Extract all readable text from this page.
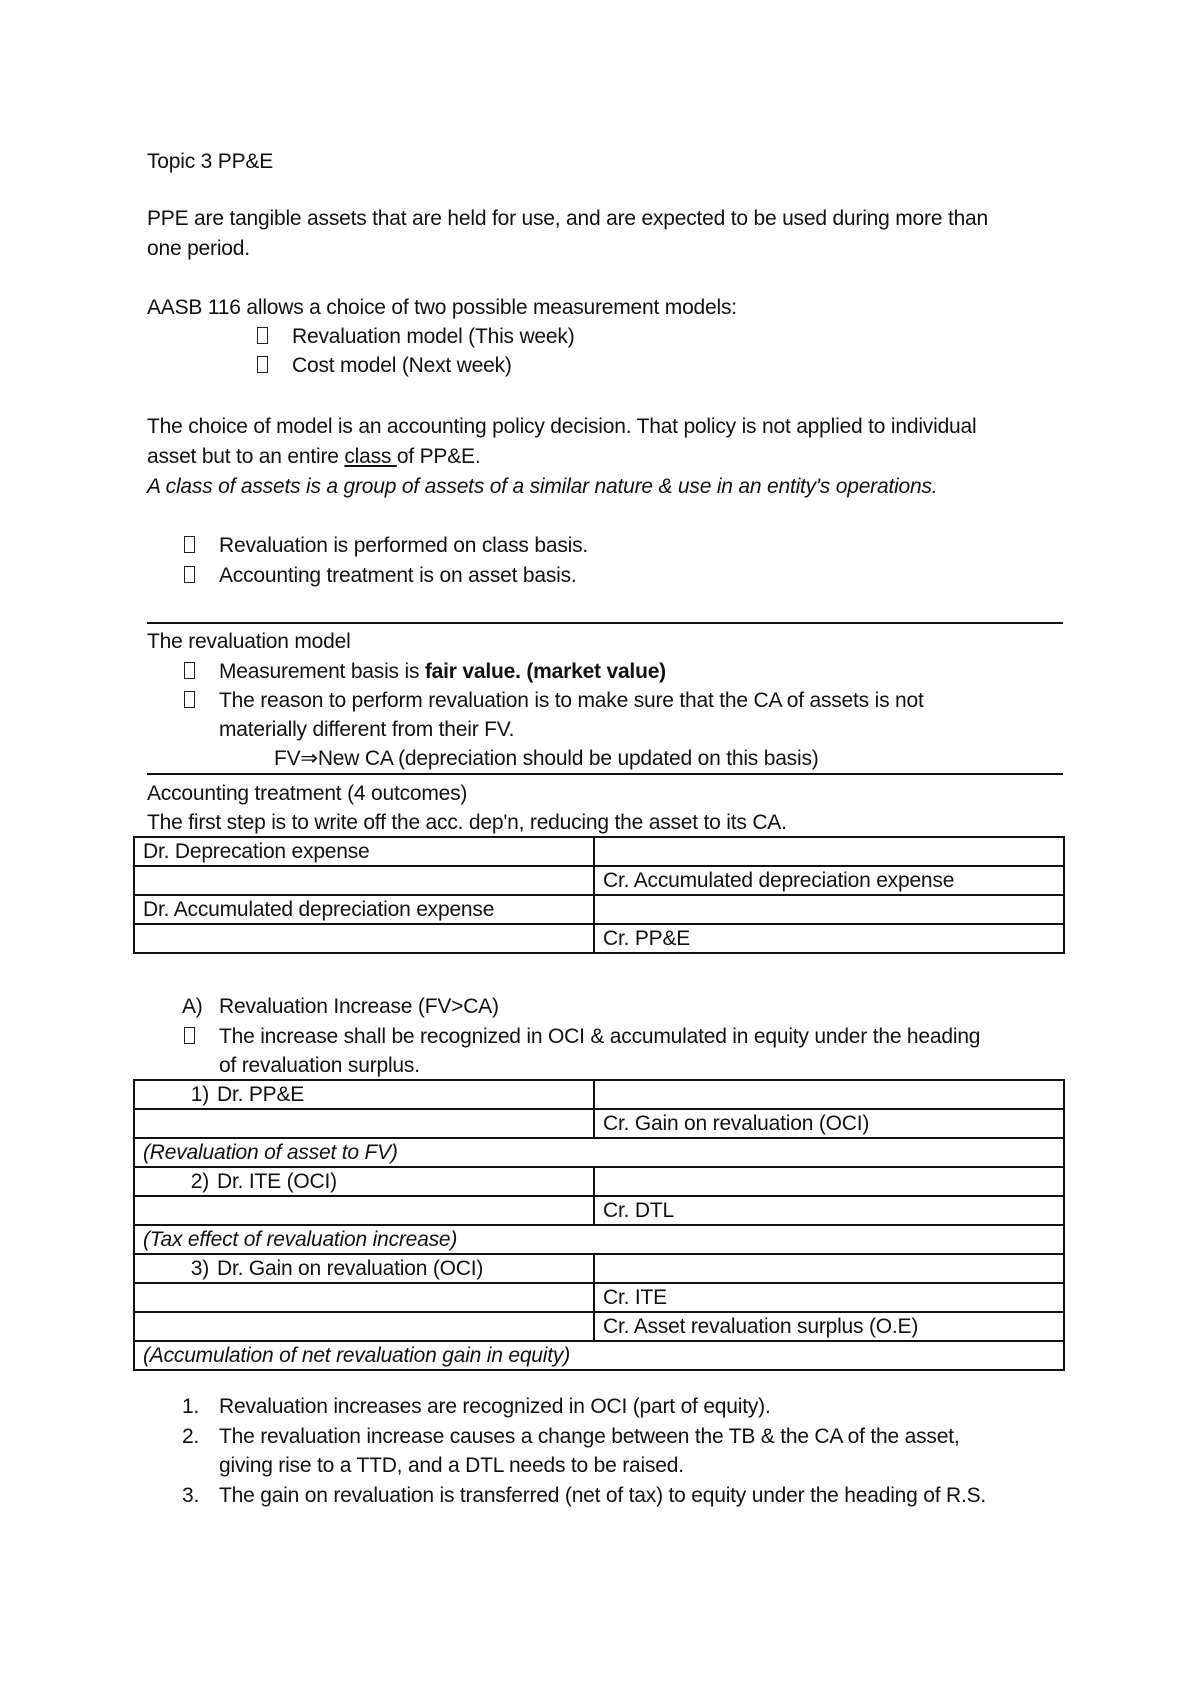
Topic 3 PP&E
PPE are tangible assets that are held for use, and are expected to be used during more than
one period.
AASB 116 allows a choice of two possible measurement models:
Revaluation model (This week)
Cost model (Next week)
The choice of model is an accounting policy decision. That policy is not applied to individual
asset but to an entire class of PP&E.
A class of assets is a group of assets of a similar nature & use in an entity's operations.
Revaluation is performed on class basis.
Accounting treatment is on asset basis.
The revaluation model
Measurement basis is fair value. (market value)
The reason to perform revaluation is to make sure that the CA of assets is not
materially different from their FV.
FV⇒New CA (depreciation should be updated on this basis)
Accounting treatment (4 outcomes)
The first step is to write off the acc. dep'n, reducing the asset to its CA.
Dr. Deprecation expense	
	Cr. Accumulated depreciation expense
Dr. Accumulated depreciation expense	
	Cr. PP&E
A) Revaluation Increase (FV>CA)
The increase shall be recognized in OCI & accumulated in equity under the heading
of revaluation surplus.
1) Dr. PP&E	
	Cr. Gain on revaluation (OCI)
(Revaluation of asset to FV)	
2) Dr. ITE (OCI)	
	Cr. DTL
(Tax effect of revaluation increase)	
3) Dr. Gain on revaluation (OCI)	
	Cr. ITE
	Cr. Asset revaluation surplus (O.E)
(Accumulation of net revaluation gain in equity)	
1. Revaluation increases are recognized in OCI (part of equity).
2. The revaluation increase causes a change between the TB & the CA of the asset,
giving rise to a TTD, and a DTL needs to be raised.
3. The gain on revaluation is transferred (net of tax) to equity under the heading of R.S.
